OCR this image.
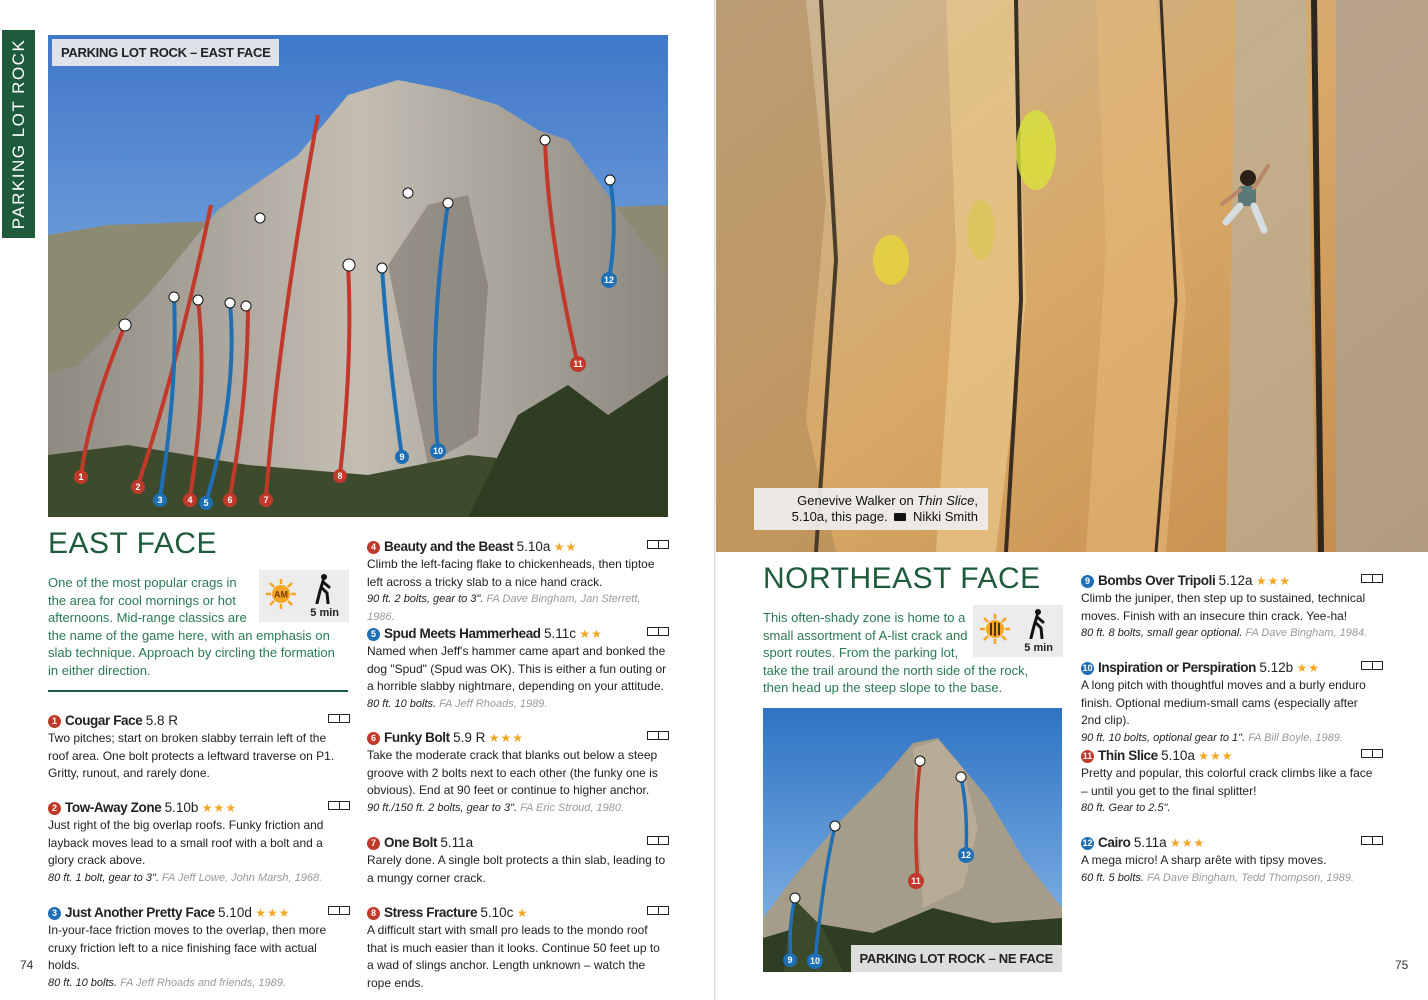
PARKING LOT ROCK
1
2
3	4 5 6	7
8
9
10
11
12
PARKING LOT ROCK – EAST FACE
EAST FACE
One of the most popular crags in
the area for cool mornings or hot
afternoons. Mid-range classics are
the name of the game here, with an emphasis on slab technique. Approach by circling the formation in either direction.
AM
5 min
1 Cougar Face 5.8 R

Two pitches; start on broken slabby terrain left of the roof area. One bolt protects a leftward traverse on P1. Gritty, runout, and rarely done.

2 Tow-Away Zone 5.10b ★★★

Just right of the big overlap roofs. Funky friction and layback moves lead to a small roof with a bolt and a glory crack above.

80 ft. 1 bolt, gear to 3". FA Jeff Lowe, John Marsh, 1968.
3 Just Another Pretty Face 5.10d ★★★

In-your-face friction moves to the overlap, then more cruxy friction left to a nice finishing face with actual holds.

80 ft. 10 bolts. FA Jeff Rhoads and friends, 1989.
4 Beauty and the Beast 5.10a ★★

Climb the left-facing flake to chickenheads, then tiptoe left across a tricky slab to a nice hand crack.

90 ft. 2 bolts, gear to 3". FA Dave Bingham, Jan Sterrett, 1986.
5 Spud Meets Hammerhead 5.11c ★★

Named when Jeff's hammer came apart and bonked the dog "Spud" (Spud was OK). This is either a fun outing or a horrible slabby nightmare, depending on your attitude.

80 ft. 10 bolts. FA Jeff Rhoads, 1989.
6 Funky Bolt 5.9 R ★★★

Take the moderate crack that blanks out below a steep groove with 2 bolts next to each other (the funky one is obvious). End at 90 feet or continue to higher anchor.

90 ft./150 ft. 2 bolts, gear to 3". FA Eric Stroud, 1980.
7 One Bolt 5.11a

Rarely done. A single bolt protects a thin slab, leading to a mungy corner crack.

8 Stress Fracture 5.10c ★

A difficult start with small pro leads to the mondo roof that is much easier than it looks. Continue 50 feet up to a wad of slings anchor. Length unknown – watch the rope ends.

74
Genevive Walker on Thin Slice,
5.10a, this page. Nikki Smith
NORTHEAST FACE
This often-shady zone is home to a
small assortment of A-list crack and
sport routes. From the parking lot,
take the trail around the north side of the rock, then head up the steep slope to the base.
5 min
9 10
11
12
PARKING LOT ROCK – NE FACE
9 Bombs Over Tripoli 5.12a ★★★

Climb the juniper, then step up to sustained, technical moves. Finish with an insecure thin crack. Yee-ha!

80 ft. 8 bolts, small gear optional. FA Dave Bingham, 1984.
10 Inspiration or Perspiration 5.12b ★★

A long pitch with thoughtful moves and a burly enduro finish. Optional medium-small cams (especially after 2nd clip).

90 ft. 10 bolts, optional gear to 1". FA Bill Boyle, 1989.
11 Thin Slice 5.10a ★★★

Pretty and popular, this colorful crack climbs like a face – until you get to the final splitter!

80 ft. Gear to 2.5".
12 Cairo 5.11a ★★★

A mega micro! A sharp arête with tipsy moves.

60 ft. 5 bolts. FA Dave Bingham, Tedd Thompson, 1989.
75
